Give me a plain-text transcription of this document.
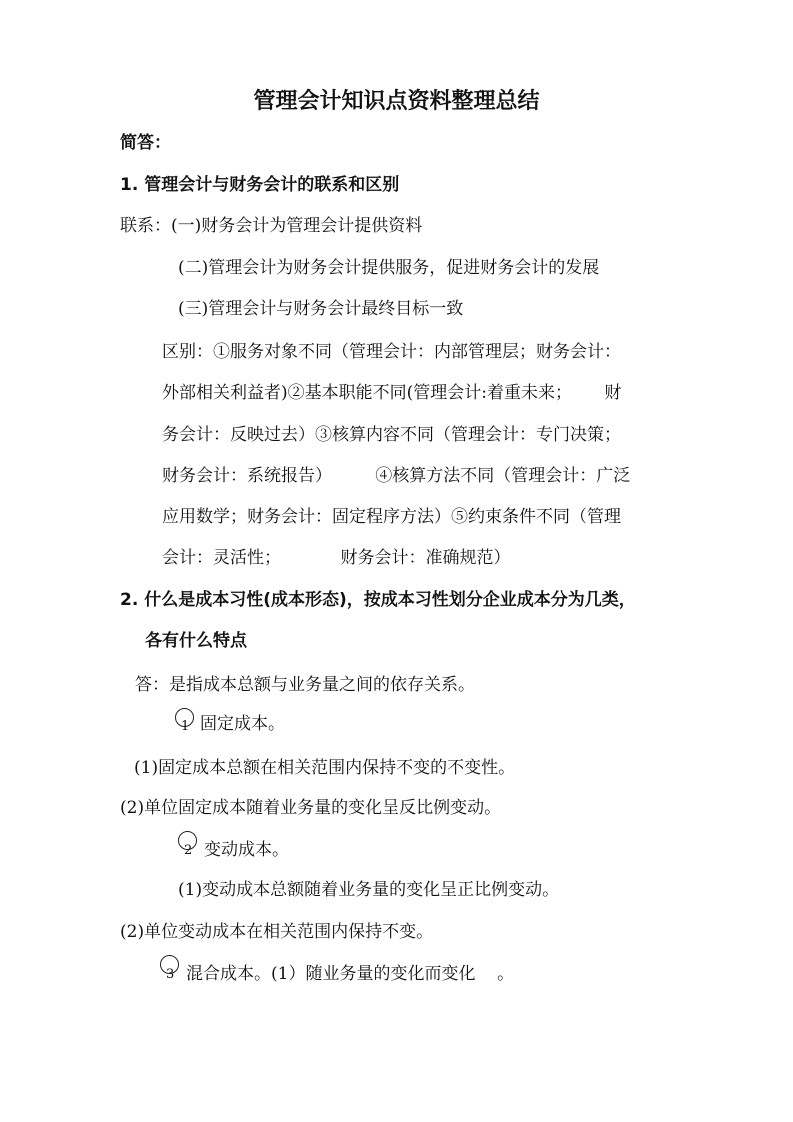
管理会计知识点资料整理总结
简答：
1. 管理会计与财务会计的联系和区别
联系：(一)财务会计为管理会计提供资料
(二)管理会计为财务会计提供服务，促进财务会计的发展
(三)管理会计与财务会计最终目标一致
区别：①服务对象不同（管理会计：内部管理层；财务会计：
外部相关利益者)②基本职能不同(管理会计:着重未来；      财
务会计：反映过去）③核算内容不同（管理会计：专门决策；
财务会计：系统报告）        ④核算方法不同（管理会计：广泛
应用数学；财务会计：固定程序方法）⑤约束条件不同（管理
会计：灵活性；           财务会计：准确规范）
2. 什么是成本习性(成本形态)，按成本习性划分企业成本分为几类，
各有什么特点
答：是指成本总额与业务量之间的依存关系。
1 固定成本。
(1)固定成本总额在相关范围内保持不变的不变性。
(2)单位固定成本随着业务量的变化呈反比例变动。
2 变动成本。
(1)变动成本总额随着业务量的变化呈正比例变动。
(2)单位变动成本在相关范围内保持不变。
3 混合成本。(1）随业务量的变化而变化    。
